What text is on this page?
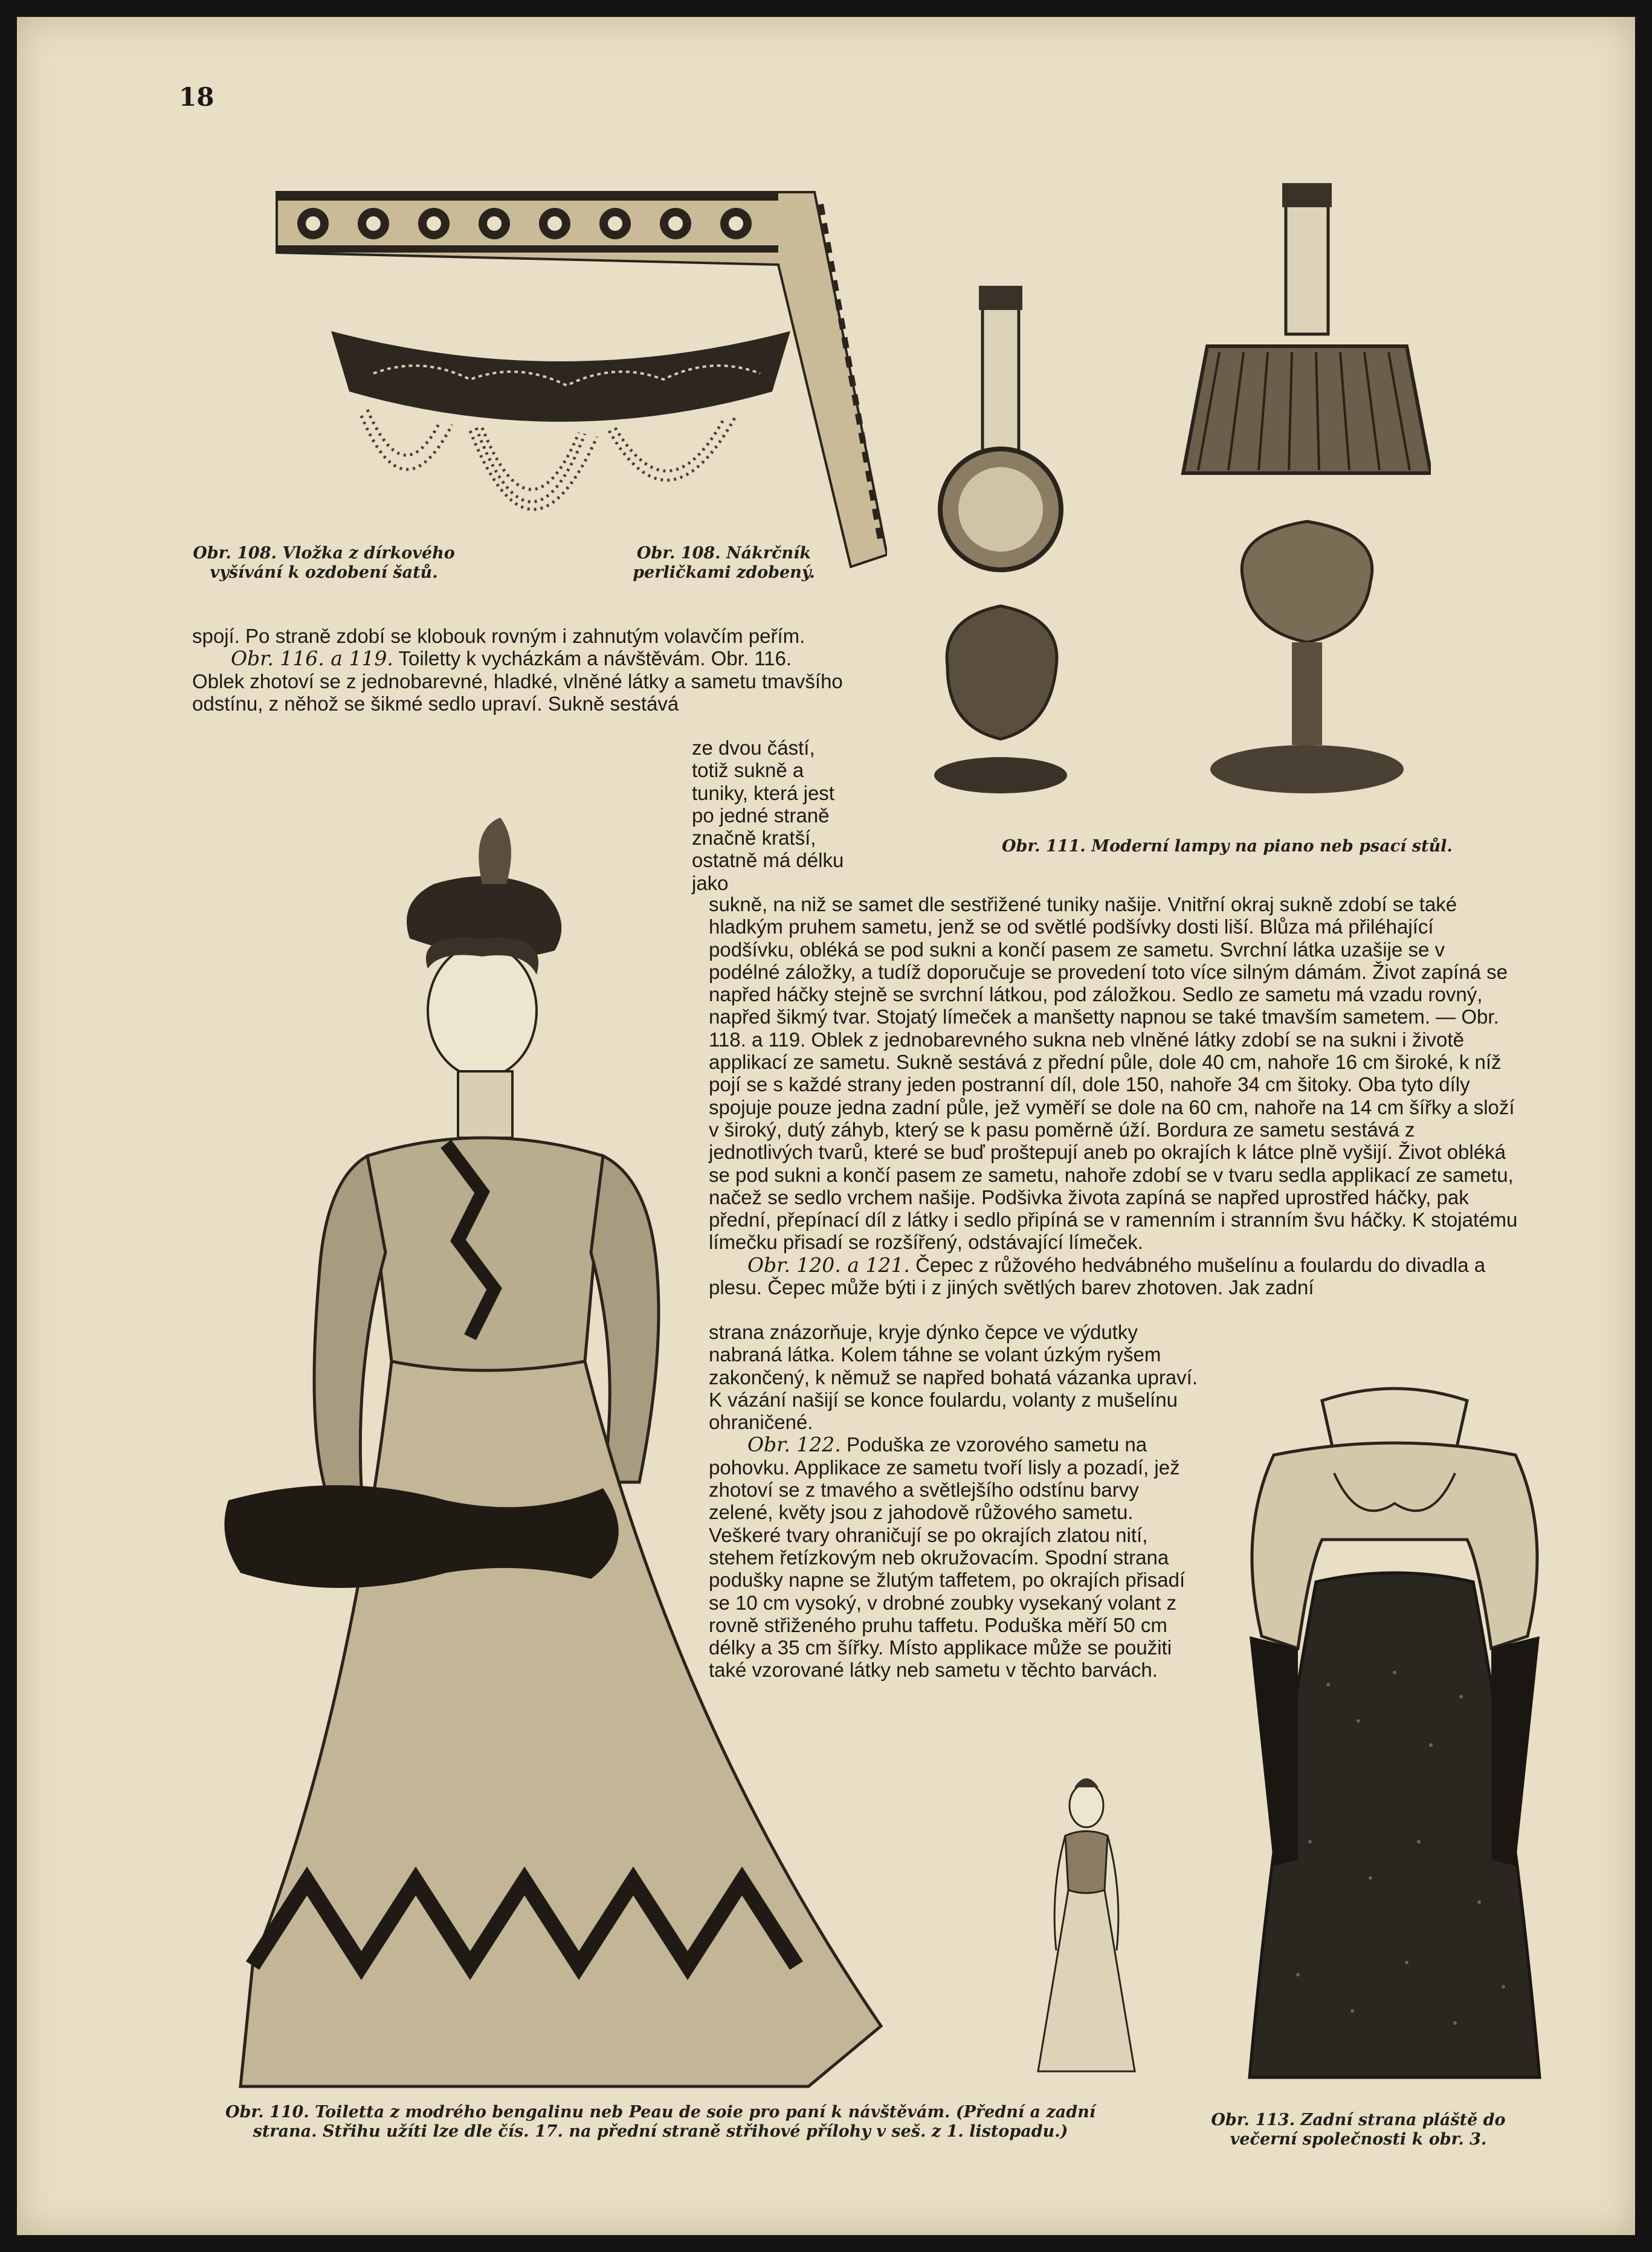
18
Obr. 108. Vložka z dírkového vyšívání k ozdobení šatů.
Obr. 108. Nákrčník perličkami zdobený.
Obr. 111. Moderní lampy na piano neb psací stůl.

spojí. Po straně zdobí se klobouk rovným i zahnutým volavčím peřím.

Obr. 116. a 119. Toiletty k vycházkám a návštěvám. Obr. 116. Oblek zhotoví se z jednobarevné, hladké, vlněné látky a sametu tmavšího odstínu, z něhož se šikmé sedlo upraví. Sukně sestává

ze dvou částí, totiž sukně a tuniky, která jest po jedné straně značně kratší, ostatně má délku jako

sukně, na niž se samet dle sestřižené tuniky našije. Vnitřní okraj sukně zdobí se také hladkým pruhem sametu, jenž se od světlé podšívky dosti liší. Blůza má přiléhající podšívku, obléká se pod sukni a končí pasem ze sametu. Svrchní látka uzašije se v podélné záložky, a tudíž doporučuje se provedení toto více silným dámám. Život zapíná se napřed háčky stejně se svrchní látkou, pod záložkou. Sedlo ze sametu má vzadu rovný, napřed šikmý tvar. Stojatý límeček a manšetty napnou se také tmavším sametem. — Obr. 118. a 119. Oblek z jednobarevného sukna neb vlněné látky zdobí se na sukni i životě applikací ze sametu. Sukně sestává z přední půle, dole 40 cm, nahoře 16 cm široké, k níž pojí se s každé strany jeden postranní díl, dole 150, nahoře 34 cm šitoky. Oba tyto díly spojuje pouze jedna zadní půle, jež vyměří se dole na 60 cm, nahoře na 14 cm šířky a složí v široký, dutý záhyb, který se k pasu poměrně úží. Bordura ze sametu sestává z jednotlivých tvarů, které se buď proštepují aneb po okrajích k látce plně vyšijí. Život obléká se pod sukni a končí pasem ze sametu, nahoře zdobí se v tvaru sedla applikací ze sametu, načež se sedlo vrchem našije. Podšivka života zapíná se napřed uprostřed háčky, pak přední, přepínací díl z látky i sedlo připíná se v ramenním i stranním švu háčky. K stojatému límečku přisadí se rozšířený, odstávající límeček.

Obr. 120. a 121. Čepec z růžového hedvábného mušelínu a foulardu do divadla a plesu. Čepec může býti i z jiných světlých barev zhotoven. Jak zadní

strana znázorňuje, kryje dýnko čepce ve výdutky nabraná látka. Kolem táhne se volant úzkým ryšem zakončený, k němuž se napřed bohatá vázanka upraví. K vázání našijí se konce foulardu, volanty z mušelínu ohraničené.

Obr. 122. Poduška ze vzorového sametu na pohovku. Applikace ze sametu tvoří lisly a pozadí, jež zhotoví se z tmavého a světlejšího odstínu barvy zelené, květy jsou z jahodově růžového sametu. Veškeré tvary ohraničují se po okrajích zlatou nití, stehem řetízkovým neb okružovacím. Spodní strana podušky napne se žlutým taffetem, po okrajích přisadí se 10 cm vysoký, v drobné zoubky vysekaný volant z rovně střiženého pruhu taffetu. Poduška měří 50 cm délky a 35 cm šířky. Místo applikace může se použiti také vzorované látky neb sametu v těchto barvách.

Obr. 110. Toiletta z modrého bengalinu neb Peau de soie pro paní k návštěvám. (Přední a zadní strana. Střihu užíti lze dle čís. 17. na přední straně střihové přílohy v seš. z 1. listopadu.)
Obr. 113. Zadní strana pláště do večerní společnosti k obr. 3.
